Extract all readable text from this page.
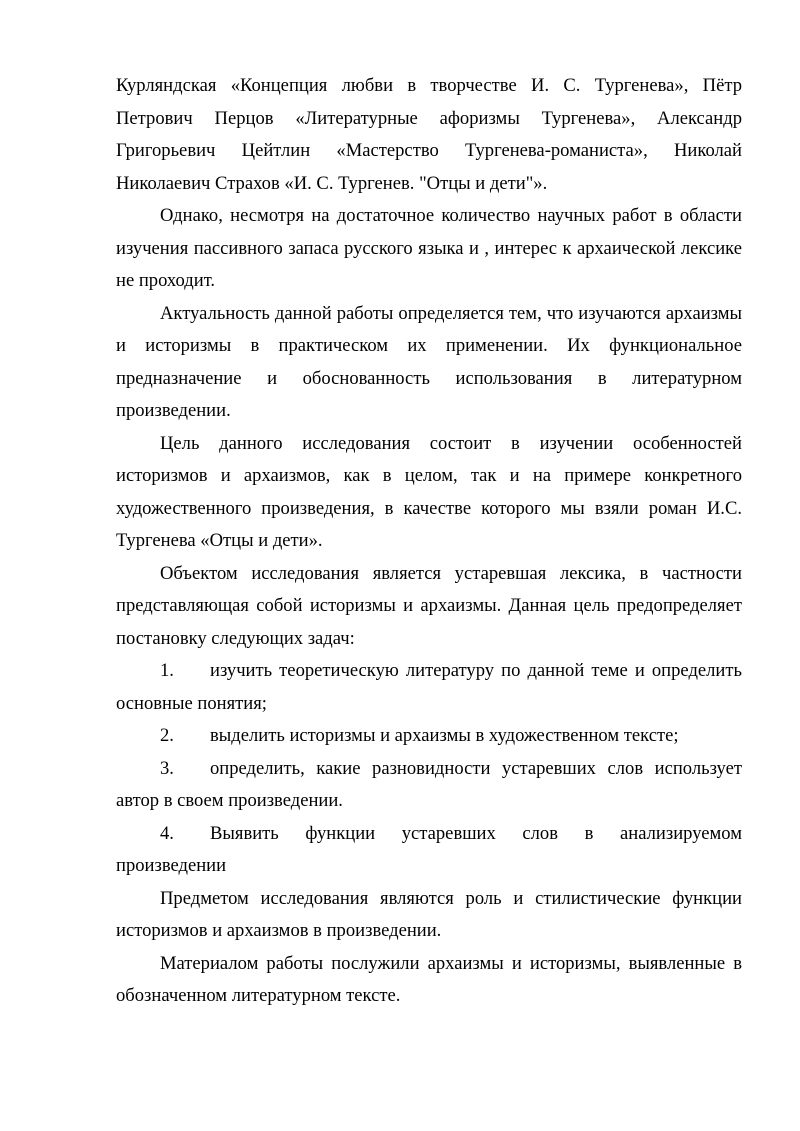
Курляндская «Концепция любви в творчестве И. С. Тургенева», Пётр Петрович Перцов «Литературные афоризмы Тургенева», Александр Григорьевич Цейтлин «Мастерство Тургенева-романиста», Николай Николаевич Страхов «И. С. Тургенев. "Отцы и дети"».

Однако, несмотря на достаточное количество научных работ в области изучения пассивного запаса русского языка и , интерес к архаической лексике не проходит.

Актуальность данной работы определяется тем, что изучаются архаизмы и историзмы в практическом их применении. Их функциональное предназначение и обоснованность использования в литературном произведении.

Цель данного исследования состоит в изучении особенностей историзмов и архаизмов, как в целом, так и на примере конкретного художественного произведения, в качестве которого мы взяли роман И.С. Тургенева «Отцы и дети».

Объектом исследования является устаревшая лексика, в частности представляющая собой историзмы и архаизмы. Данная цель предопределяет постановку следующих задач:

1. изучить теоретическую литературу по данной теме и определить основные понятия;

2. выделить историзмы и архаизмы в художественном тексте;

3. определить, какие разновидности устаревших слов использует автор в своем произведении.

4. Выявить функции устаревших слов в анализируемом произведении

Предметом исследования являются роль и стилистические функции историзмов и архаизмов в произведении.

Материалом работы послужили архаизмы и историзмы, выявленные в обозначенном литературном тексте.
